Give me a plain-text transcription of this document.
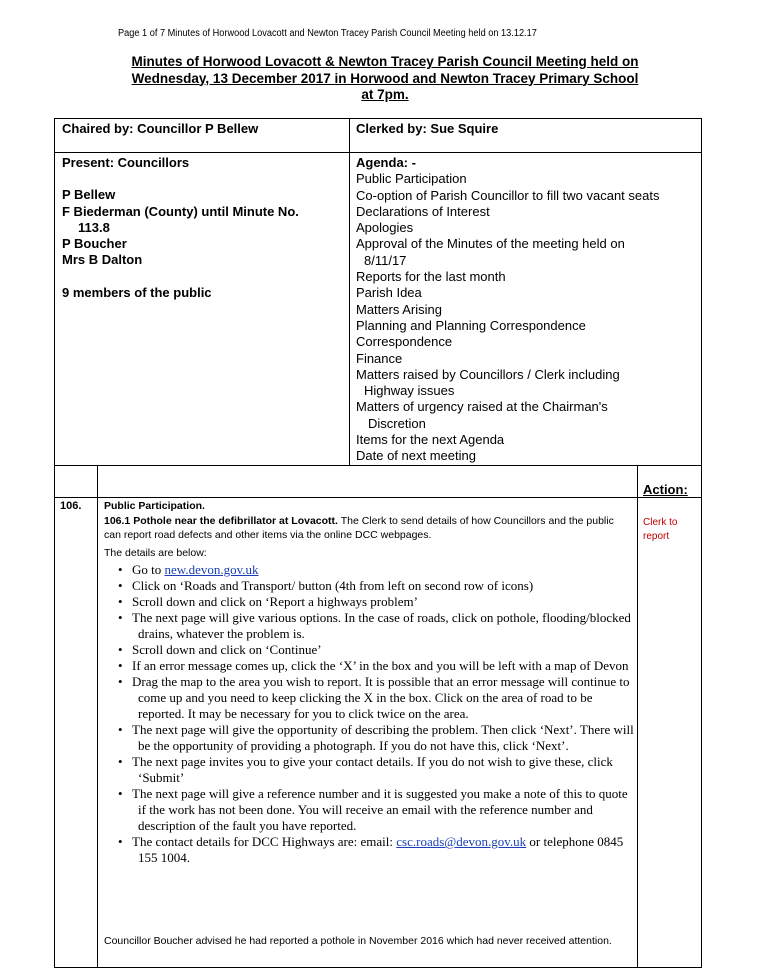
Page 1 of 7 Minutes of Horwood Lovacott and Newton Tracey Parish Council Meeting held on 13.12.17
Minutes of Horwood Lovacott & Newton Tracey Parish Council Meeting held on
Wednesday, 13 December 2017 in Horwood and Newton Tracey Primary School
at 7pm.
Chaired by: Councillor P Bellew	Clerked by: Sue Squire
Present: Councillors
P Bellew
F Biederman (County) until Minute No.
113.8
P Boucher
Mrs B Dalton
9 members of the public
Agenda: -
Public Participation
Co-option of Parish Councillor to fill two vacant seats
Declarations of Interest
Apologies
Approval of the Minutes of the meeting held on
8/11/17
Reports for the last month
Parish Idea
Matters Arising
Planning and Planning Correspondence
Correspondence
Finance
Matters raised by Councillors / Clerk including
Highway issues
Matters of urgency raised at the Chairman's
Discretion
Items for the next Agenda
Date of next meeting
Action:
106. Public Participation.
106.1 Pothole near the defibrillator at Lovacott. The Clerk to send details of how Councillors and the public can report road defects and other items via the online DCC webpages.
The details are below:
Clerk to report
• Go to new.devon.gov.uk
• Click on ‘Roads and Transport/ button (4th from left on second row of icons)
• Scroll down and click on ‘Report a highways problem’
• The next page will give various options. In the case of roads, click on pothole, flooding/blocked drains, whatever the problem is.
• Scroll down and click on ‘Continue’
• If an error message comes up, click the ‘X’ in the box and you will be left with a map of Devon
• Drag the map to the area you wish to report. It is possible that an error message will continue to come up and you need to keep clicking the X in the box. Click on the area of road to be reported. It may be necessary for you to click twice on the area.
• The next page will give the opportunity of describing the problem. Then click ‘Next’. There will be the opportunity of providing a photograph. If you do not have this, click ‘Next’.
• The next page invites you to give your contact details. If you do not wish to give these, click ‘Submit’
• The next page will give a reference number and it is suggested you make a note of this to quote if the work has not been done. You will receive an email with the reference number and description of the fault you have reported.
• The contact details for DCC Highways are: email: csc.roads@devon.gov.uk or telephone 0845 155 1004.
Councillor Boucher advised he had reported a pothole in November 2016 which had never received attention.
